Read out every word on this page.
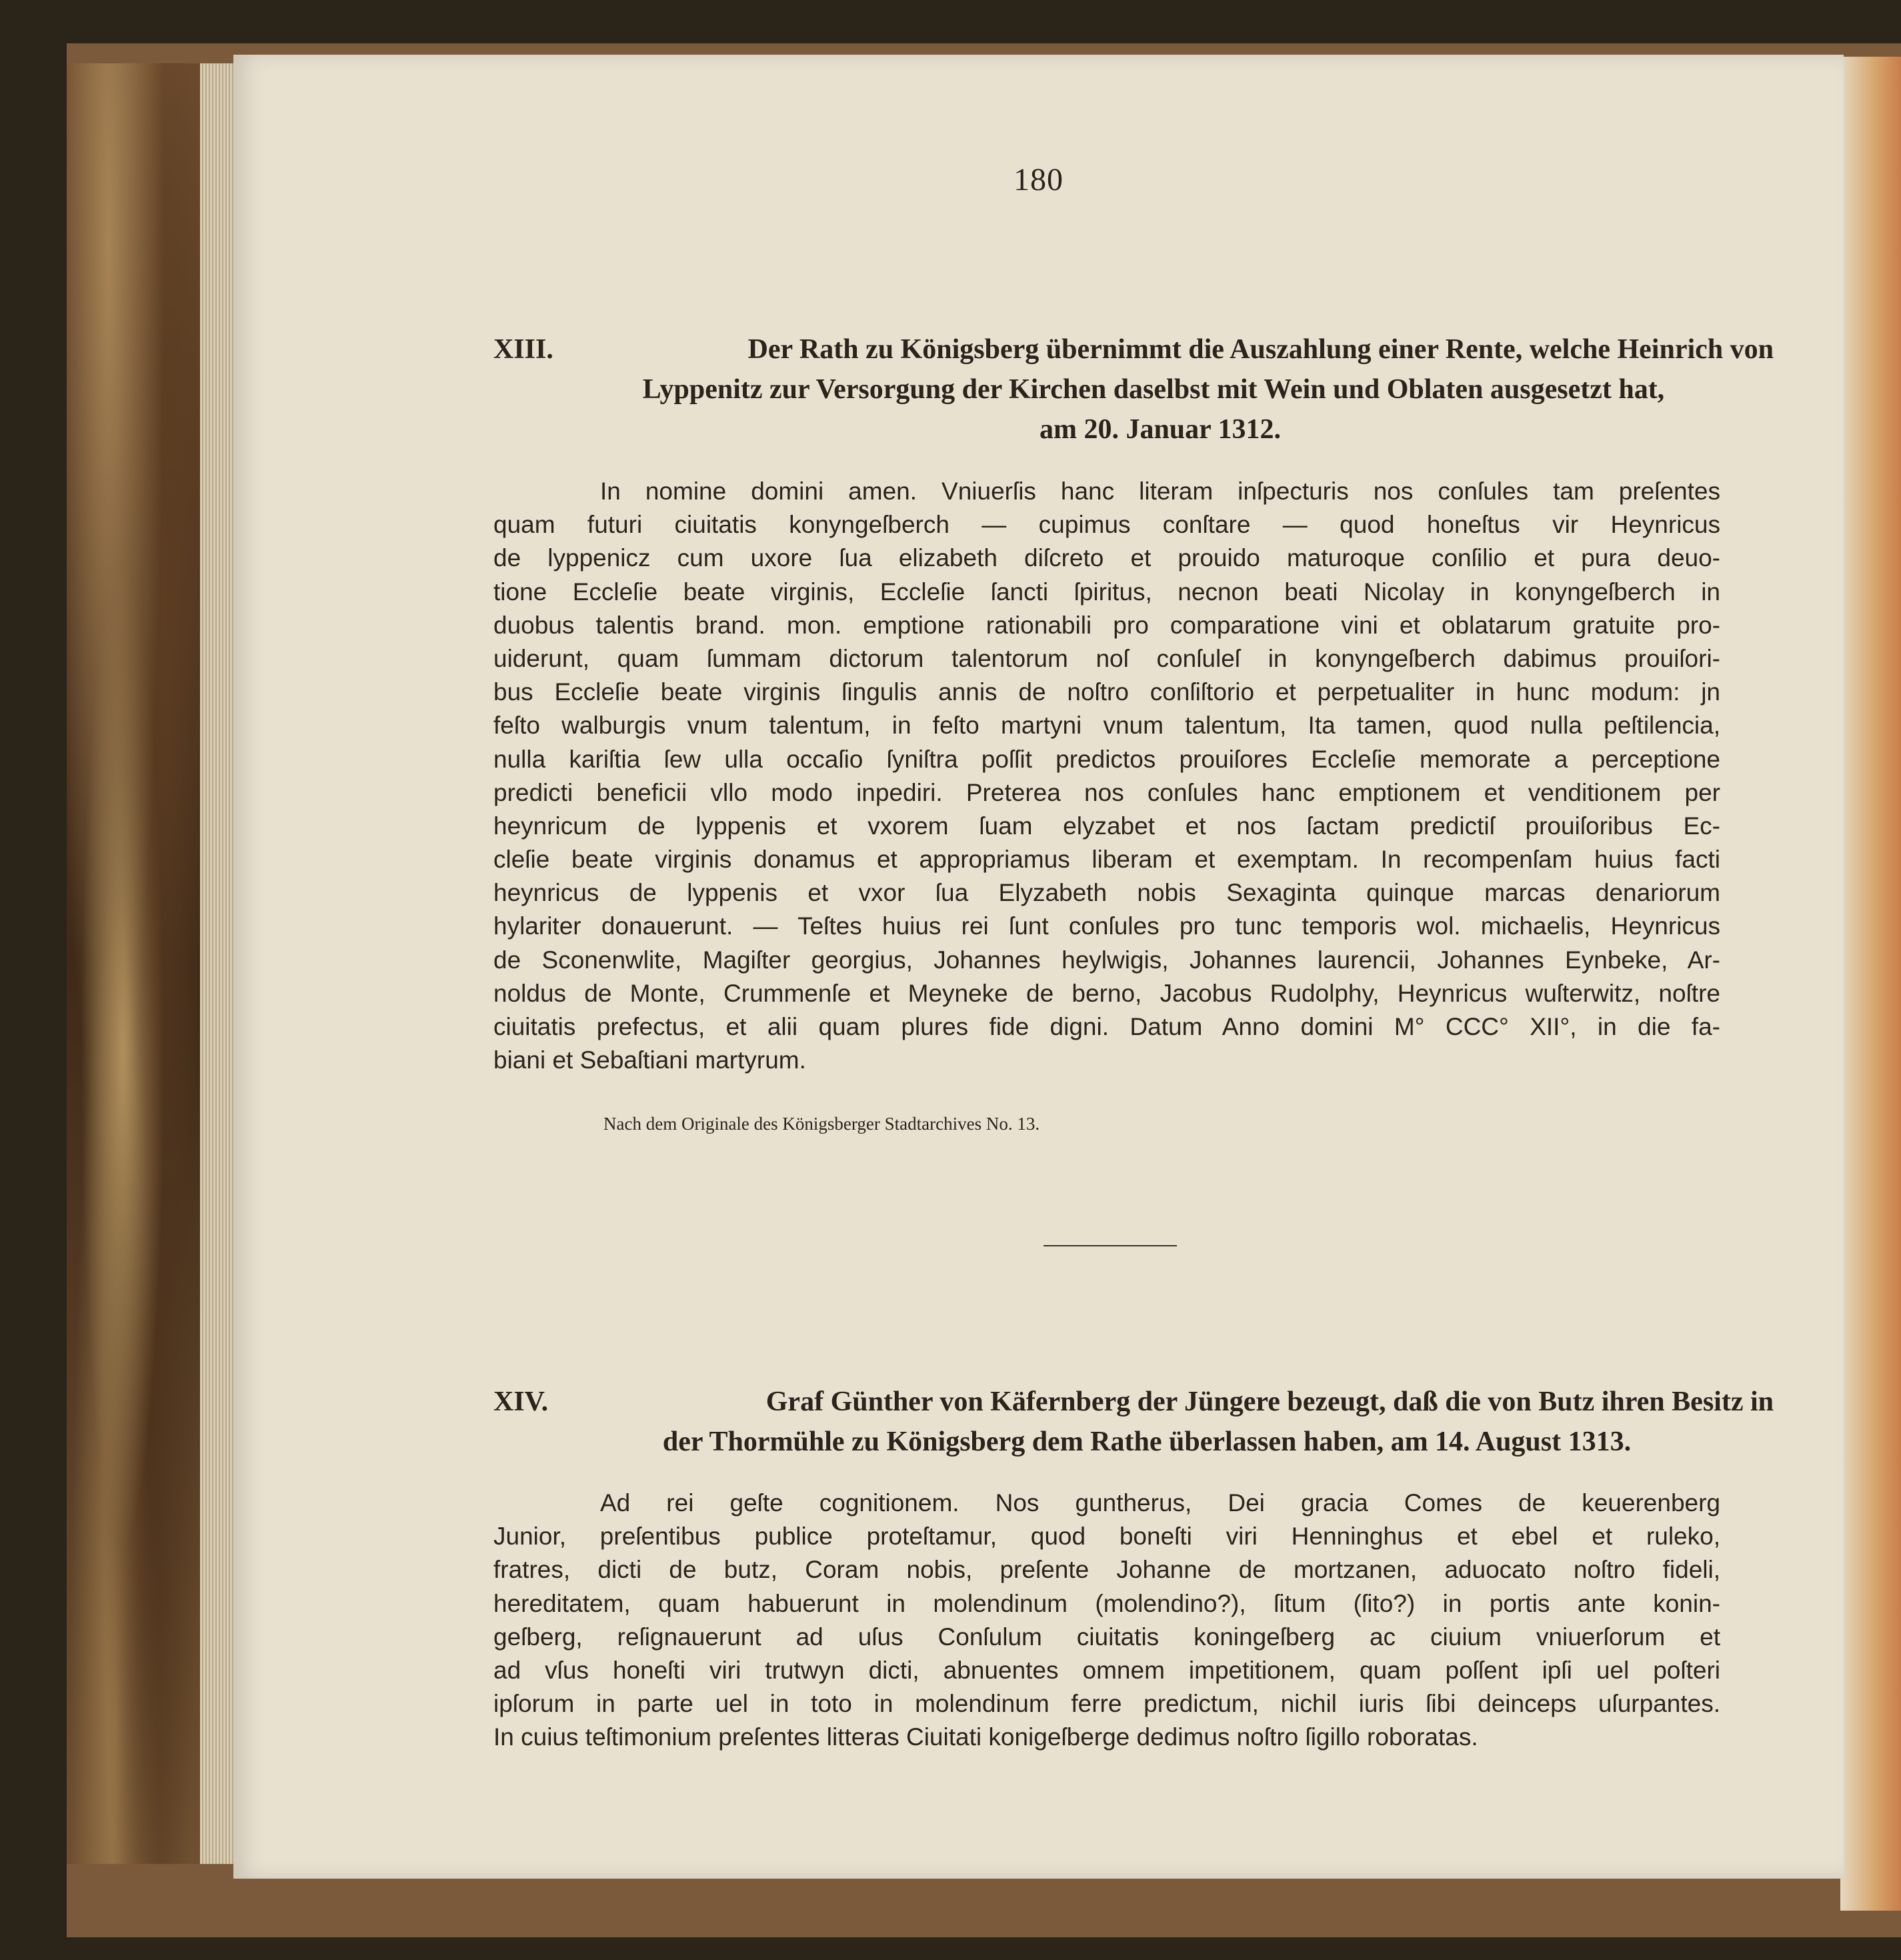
180
XIII.	Der Rath zu Königsberg übernimmt die Auszahlung einer Rente, welche Heinrich von
Lyppenitz zur Versorgung der Kirchen daselbst mit Wein und Oblaten ausgesetzt hat,
am 20. Januar 1312.
In nomine domini amen. Vniuerſis hanc literam inſpecturis nos conſules tam preſentes
quam futuri ciuitatis konyngeſberch — cupimus conſtare — quod honeſtus vir Heynricus
de lyppenicz cum uxore ſua elizabeth diſcreto et prouido maturoque conſilio et pura deuo-
tione Eccleſie beate virginis, Eccleſie ſancti ſpiritus, necnon beati Nicolay in konyngeſberch in
duobus talentis brand. mon. emptione rationabili pro comparatione vini et oblatarum gratuite pro-
uiderunt, quam ſummam dictorum talentorum noſ conſuleſ in konyngeſberch dabimus prouiſori-
bus Eccleſie beate virginis ſingulis annis de noſtro conſiſtorio et perpetualiter in hunc modum: jn
feſto walburgis vnum talentum, in feſto martyni vnum talentum, Ita tamen, quod nulla peſtilencia,
nulla kariſtia ſew ulla occaſio ſyniſtra poſſit predictos prouiſores Eccleſie memorate a perceptione
predicti beneficii vllo modo inpediri. Preterea nos conſules hanc emptionem et venditionem per
heynricum de lyppenis et vxorem ſuam elyzabet et nos ſactam predictiſ prouiſoribus Ec-
cleſie beate virginis donamus et appropriamus liberam et exemptam. In recompenſam huius facti
heynricus de lyppenis et vxor ſua Elyzabeth nobis Sexaginta quinque marcas denariorum
hylariter donauerunt. — Teſtes huius rei ſunt conſules pro tunc temporis wol. michaelis, Heynricus
de Sconenwlite, Magiſter georgius, Johannes heylwigis, Johannes laurencii, Johannes Eynbeke, Ar-
noldus de Monte, Crummenſe et Meyneke de berno, Jacobus Rudolphy, Heynricus wuſterwitz, noſtre
ciuitatis prefectus, et alii quam plures fide digni. Datum Anno domini M° CCC° XII°, in die fa-
biani et Sebaſtiani martyrum.
Nach dem Originale des Königsberger Stadtarchives No. 13.
XIV.	Graf Günther von Käfernberg der Jüngere bezeugt, daß die von Butz ihren Besitz in
der Thormühle zu Königsberg dem Rathe überlassen haben, am 14. August 1313.
Ad rei geſte cognitionem. Nos guntherus, Dei gracia Comes de keuerenberg
Junior, preſentibus publice proteſtamur, quod boneſti viri Henninghus et ebel et ruleko,
fratres, dicti de butz, Coram nobis, preſente Johanne de mortzanen, aduocato noſtro fideli,
hereditatem, quam habuerunt in molendinum (molendino?), ſitum (ſito?) in portis ante konin-
geſberg, reſignauerunt ad uſus Conſulum ciuitatis koningeſberg ac ciuium vniuerſorum et
ad vſus honeſti viri trutwyn dicti, abnuentes omnem impetitionem, quam poſſent ipſi uel poſteri
ipſorum in parte uel in toto in molendinum ferre predictum, nichil iuris ſibi deinceps uſurpantes.
In cuius teſtimonium preſentes litteras Ciuitati konigeſberge dedimus noſtro ſigillo roboratas.
